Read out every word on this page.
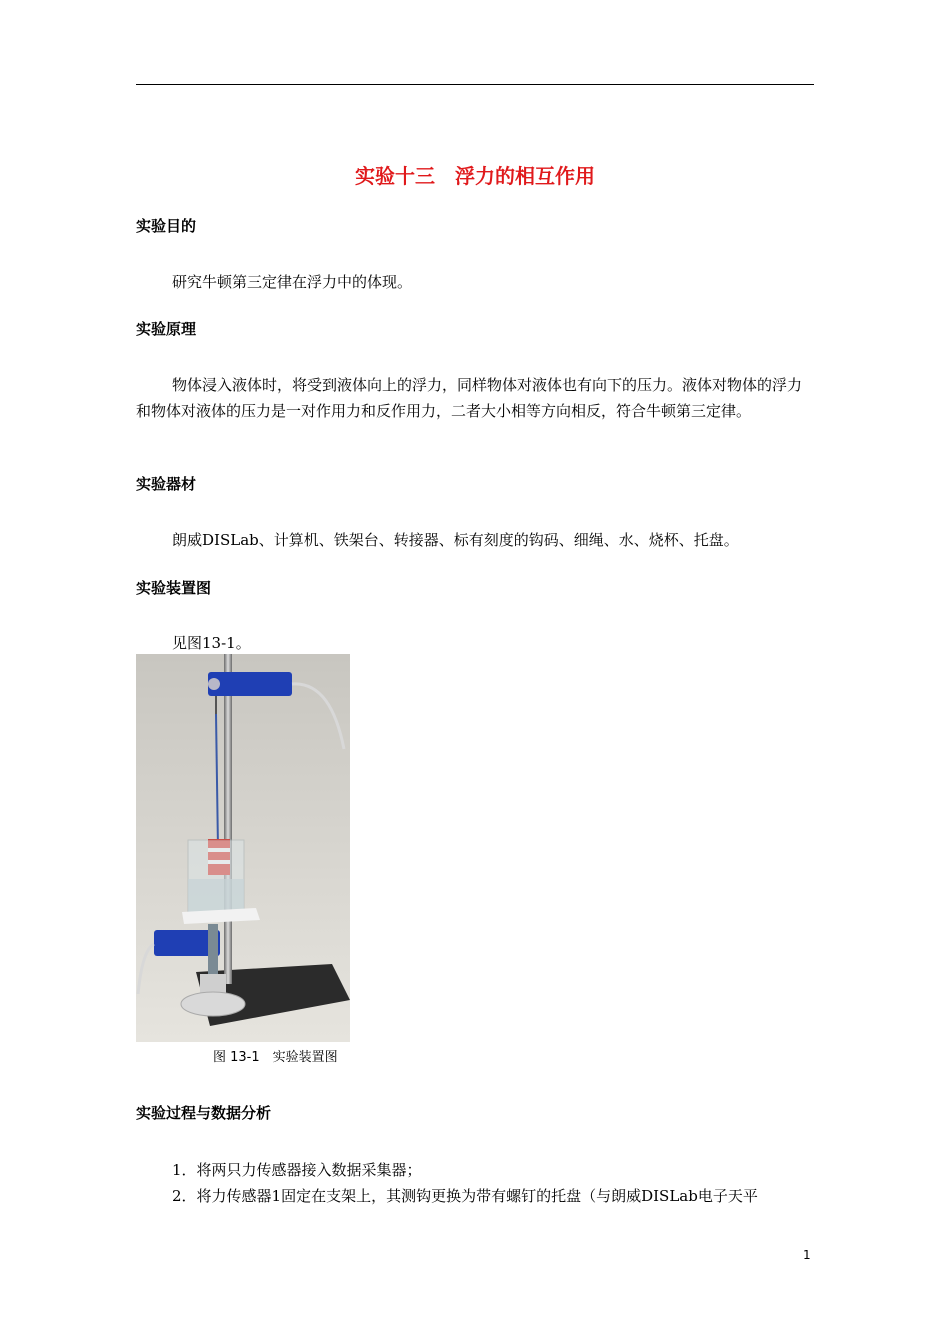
实验十三　浮力的相互作用
实验目的
研究牛顿第三定律在浮力中的体现。
实验原理
物体浸入液体时，将受到液体向上的浮力，同样物体对液体也有向下的压力。液体对物体的浮力和物体对液体的压力是一对作用力和反作用力，二者大小相等方向相反，符合牛顿第三定律。
实验器材
朗威DISLab、计算机、铁架台、转接器、标有刻度的钩码、细绳、水、烧杯、托盘。
实验装置图
见图13-1。
图 13-1　实验装置图
实验过程与数据分析
1．将两只力传感器接入数据采集器；
2．将力传感器1固定在支架上，其测钩更换为带有螺钉的托盘（与朗威DISLab电子天平
1
